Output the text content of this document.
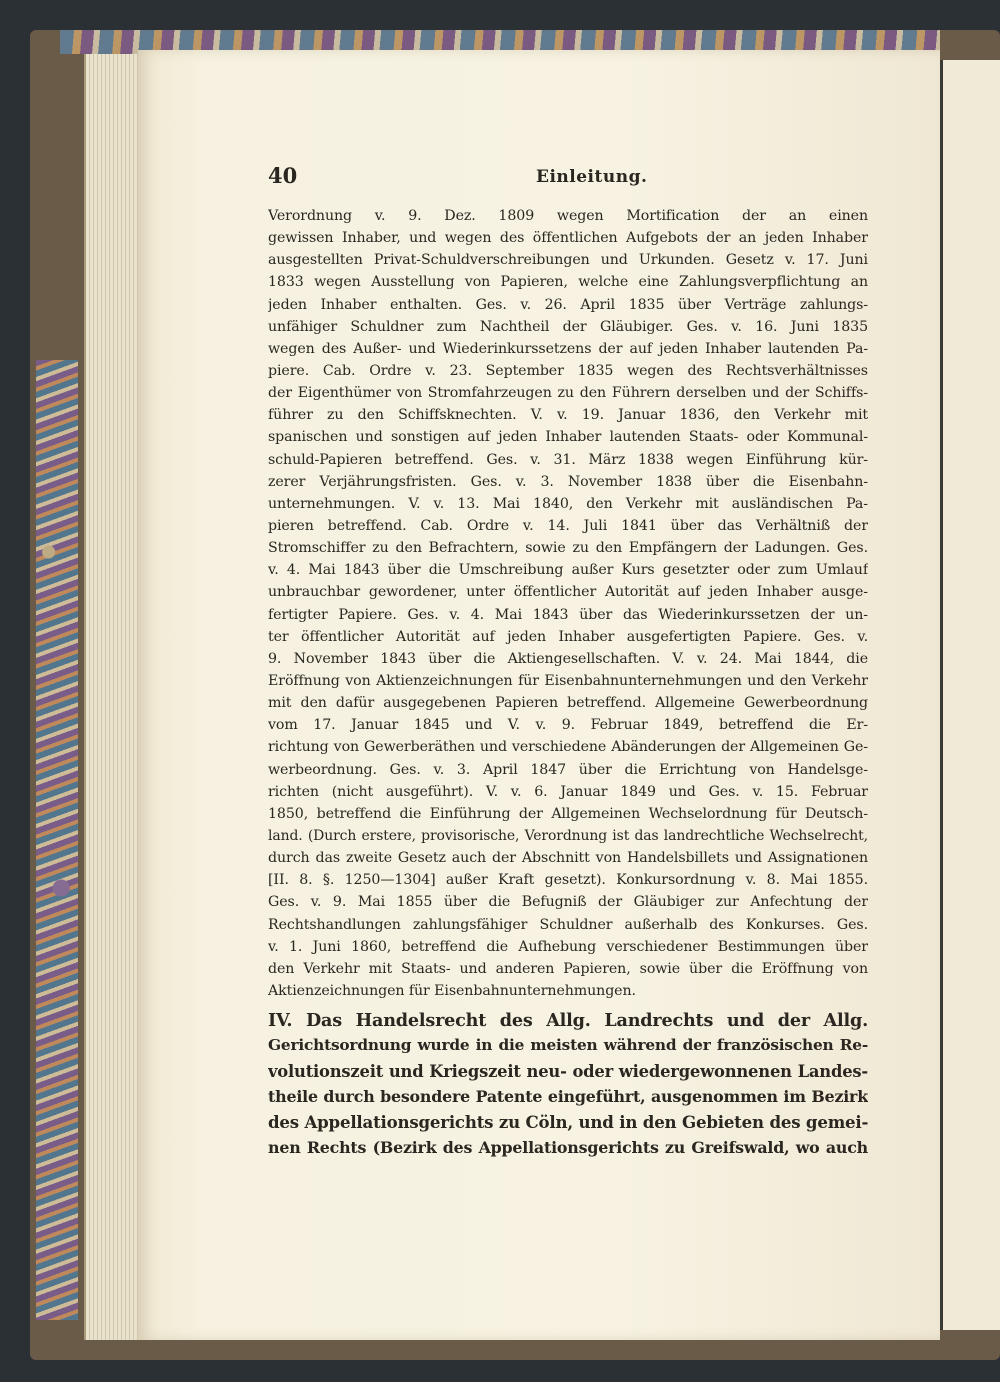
40	Einleitung.
Verordnung v. 9. Dez. 1809 wegen Mortification der an einen
gewissen Inhaber, und wegen des öffentlichen Aufgebots der an jeden Inhaber
ausgestellten Privat-Schuldverschreibungen und Urkunden. Gesetz v. 17. Juni
1833 wegen Ausstellung von Papieren, welche eine Zahlungsverpflichtung an
jeden Inhaber enthalten. Ges. v. 26. April 1835 über Verträge zahlungs-
unfähiger Schuldner zum Nachtheil der Gläubiger. Ges. v. 16. Juni 1835
wegen des Außer- und Wiederinkurssetzens der auf jeden Inhaber lautenden Pa-
piere. Cab. Ordre v. 23. September 1835 wegen des Rechtsverhältnisses
der Eigenthümer von Stromfahrzeugen zu den Führern derselben und der Schiffs-
führer zu den Schiffsknechten. V. v. 19. Januar 1836, den Verkehr mit
spanischen und sonstigen auf jeden Inhaber lautenden Staats- oder Kommunal-
schuld-Papieren betreffend. Ges. v. 31. März 1838 wegen Einführung kür-
zerer Verjährungsfristen. Ges. v. 3. November 1838 über die Eisenbahn-
unternehmungen. V. v. 13. Mai 1840, den Verkehr mit ausländischen Pa-
pieren betreffend. Cab. Ordre v. 14. Juli 1841 über das Verhältniß der
Stromschiffer zu den Befrachtern, sowie zu den Empfängern der Ladungen. Ges.
v. 4. Mai 1843 über die Umschreibung außer Kurs gesetzter oder zum Umlauf
unbrauchbar gewordener, unter öffentlicher Autorität auf jeden Inhaber ausge-
fertigter Papiere. Ges. v. 4. Mai 1843 über das Wiederinkurssetzen der un-
ter öffentlicher Autorität auf jeden Inhaber ausgefertigten Papiere. Ges. v.
9. November 1843 über die Aktiengesellschaften. V. v. 24. Mai 1844, die
Eröffnung von Aktienzeichnungen für Eisenbahnunternehmungen und den Verkehr
mit den dafür ausgegebenen Papieren betreffend. Allgemeine Gewerbeordnung
vom 17. Januar 1845 und V. v. 9. Februar 1849, betreffend die Er-
richtung von Gewerberäthen und verschiedene Abänderungen der Allgemeinen Ge-
werbeordnung. Ges. v. 3. April 1847 über die Errichtung von Handelsge-
richten (nicht ausgeführt). V. v. 6. Januar 1849 und Ges. v. 15. Februar
1850, betreffend die Einführung der Allgemeinen Wechselordnung für Deutsch-
land. (Durch erstere, provisorische, Verordnung ist das landrechtliche Wechselrecht,
durch das zweite Gesetz auch der Abschnitt von Handelsbillets und Assignationen
[II. 8. §. 1250—1304] außer Kraft gesetzt). Konkursordnung v. 8. Mai 1855.
Ges. v. 9. Mai 1855 über die Befugniß der Gläubiger zur Anfechtung der
Rechtshandlungen zahlungsfähiger Schuldner außerhalb des Konkurses. Ges.
v. 1. Juni 1860, betreffend die Aufhebung verschiedener Bestimmungen über
den Verkehr mit Staats- und anderen Papieren, sowie über die Eröffnung von
Aktienzeichnungen für Eisenbahnunternehmungen.
IV. Das Handelsrecht des Allg. Landrechts und der Allg.
Gerichtsordnung wurde in die meisten während der französischen Re-
volutionszeit und Kriegszeit neu- oder wiedergewonnenen Landes-
theile durch besondere Patente eingeführt, ausgenommen im Bezirk
des Appellationsgerichts zu Cöln, und in den Gebieten des gemei-
nen Rechts (Bezirk des Appellationsgerichts zu Greifswald, wo auch
